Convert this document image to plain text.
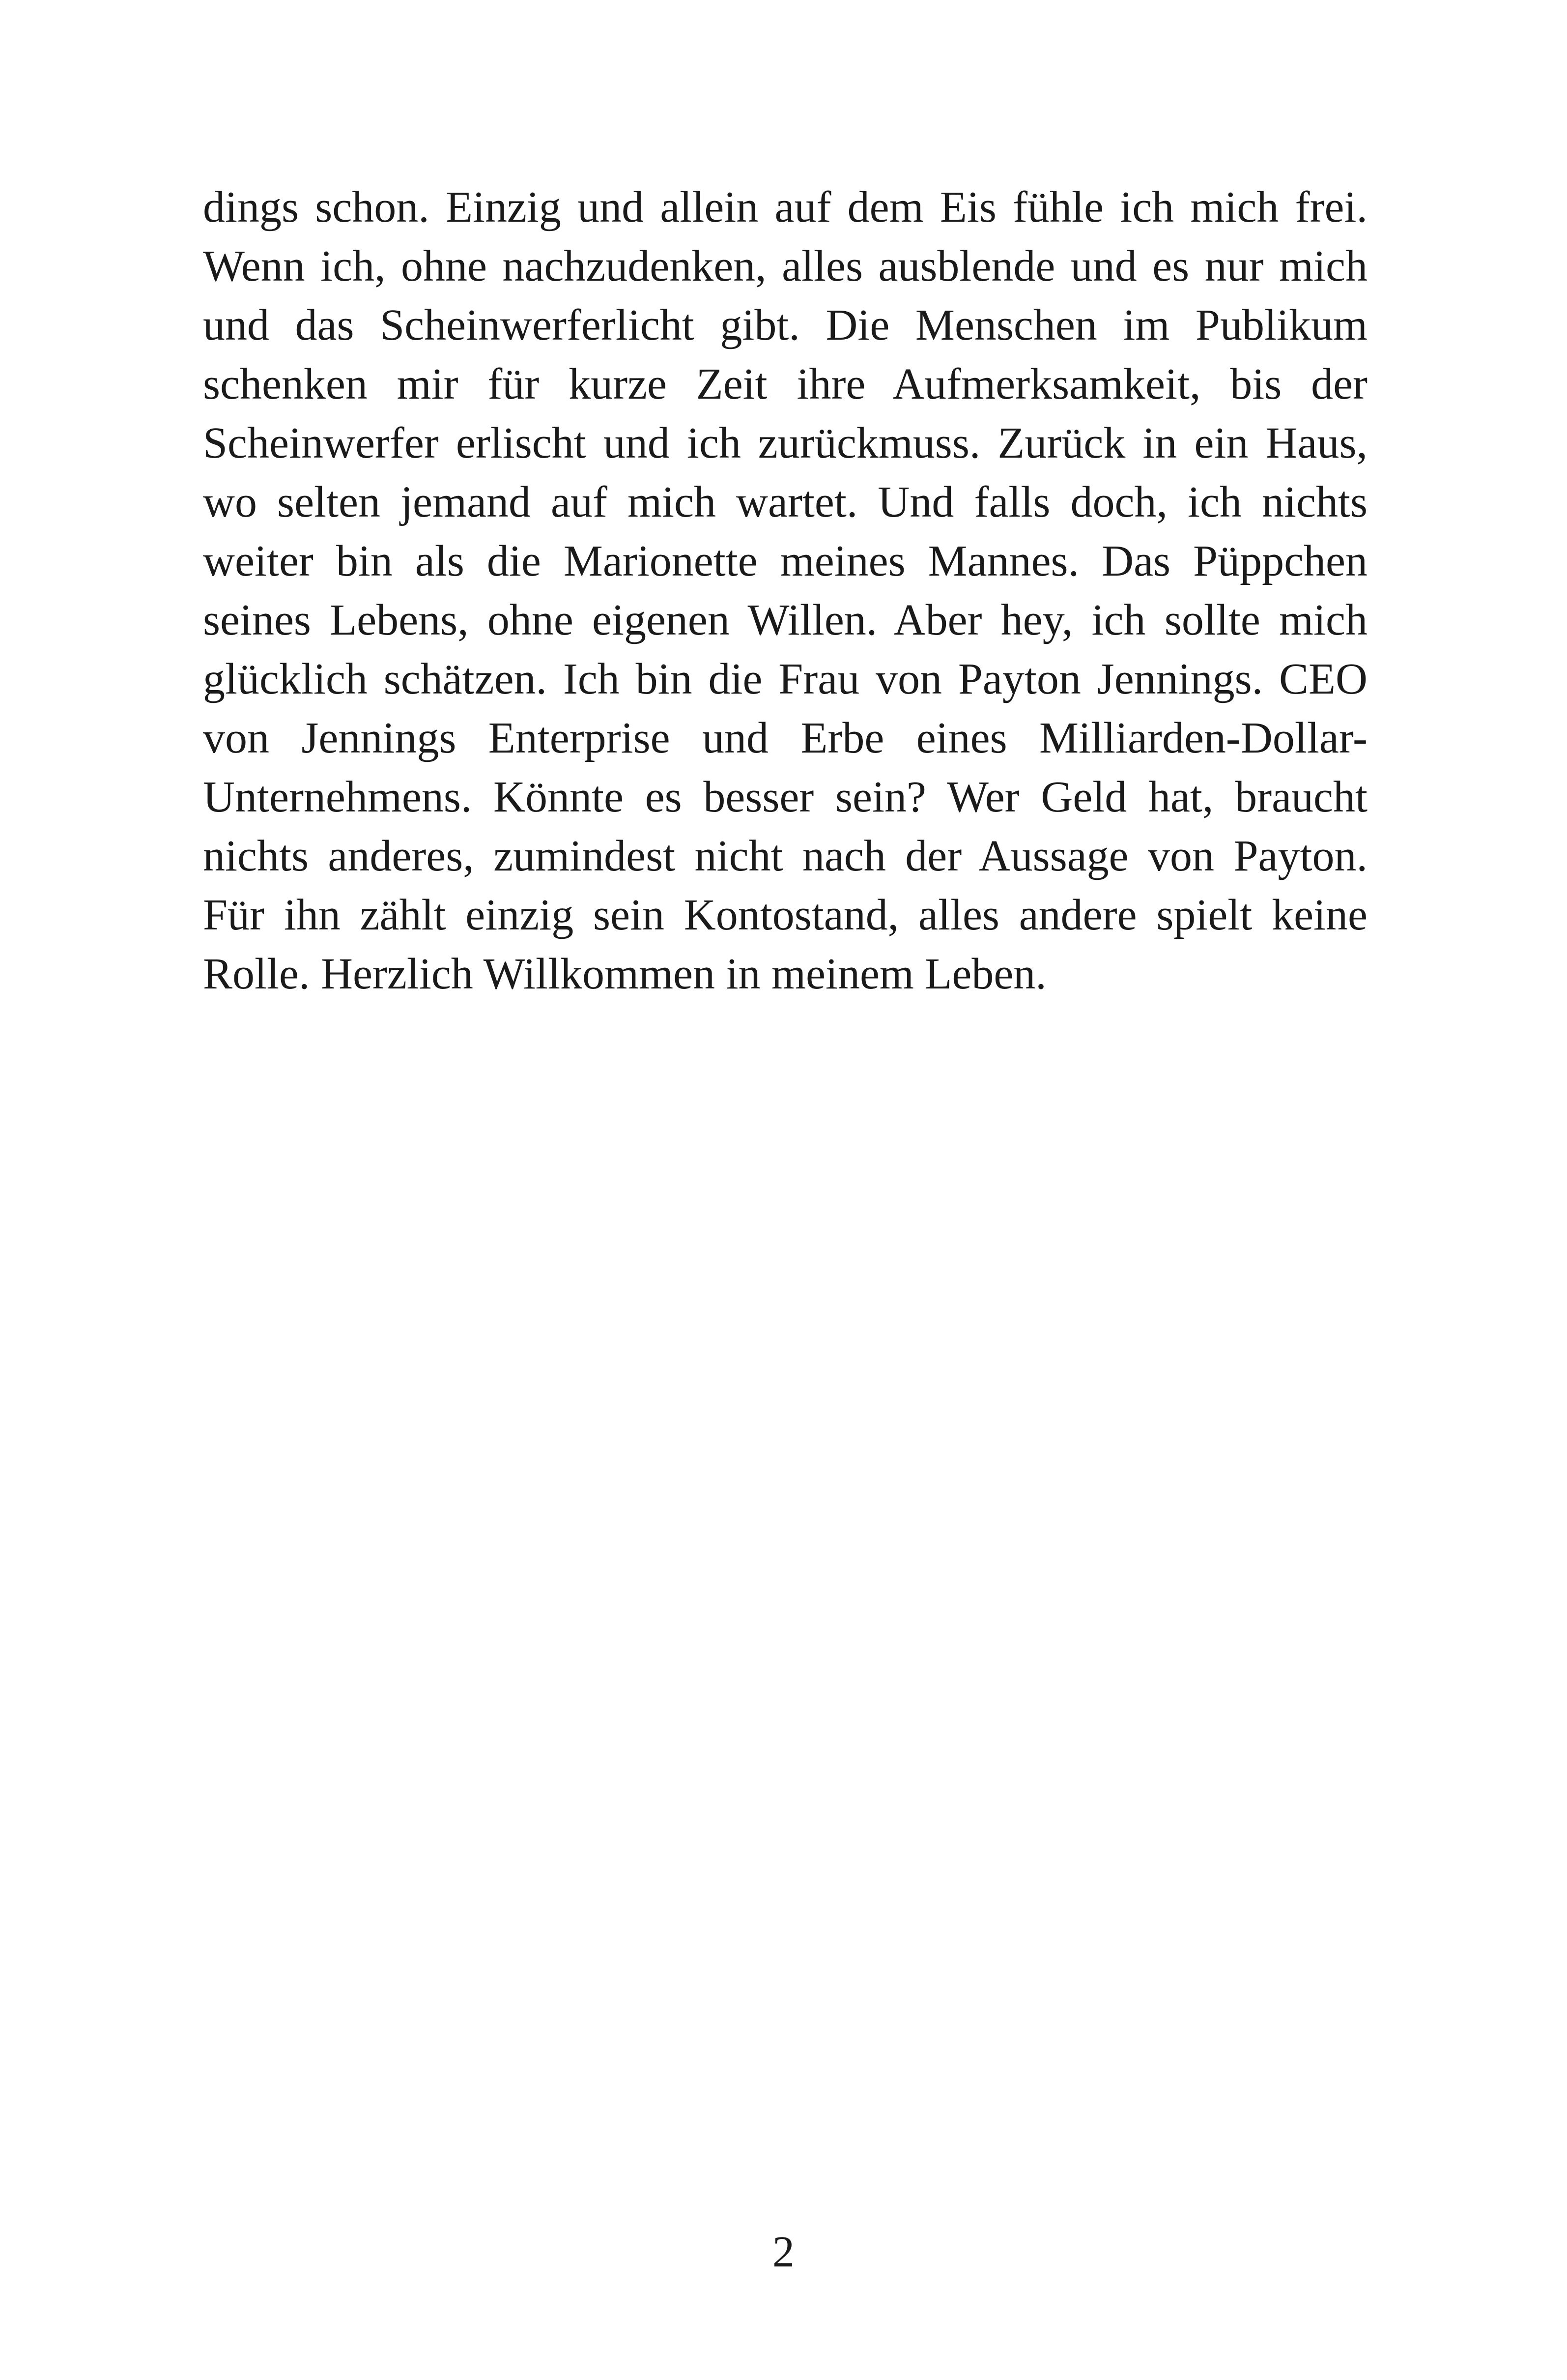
dings schon. Einzig und allein auf dem Eis fühle ich mich frei.
Wenn ich, ohne nachzudenken, alles ausblende und es nur mich
und das Scheinwerferlicht gibt. Die Menschen im Publikum
schenken mir für kurze Zeit ihre Aufmerksamkeit, bis der
Scheinwerfer erlischt und ich zurückmuss. Zurück in ein Haus,
wo selten jemand auf mich wartet. Und falls doch, ich nichts
weiter bin als die Marionette meines Mannes. Das Püppchen
seines Lebens, ohne eigenen Willen. Aber hey, ich sollte mich
glücklich schätzen. Ich bin die Frau von Payton Jennings. CEO
von Jennings Enterprise und Erbe eines Milliarden-Dollar-
Unternehmens. Könnte es besser sein? Wer Geld hat, braucht
nichts anderes, zumindest nicht nach der Aussage von Payton.
Für ihn zählt einzig sein Kontostand, alles andere spielt keine
Rolle. Herzlich Willkommen in meinem Leben.
2
